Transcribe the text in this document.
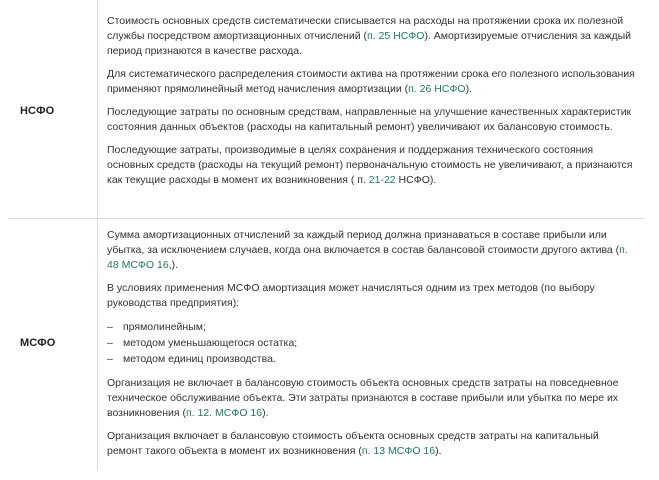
НСФО

Стоимость основных средств систематически списывается на расходы на протяжении срока их полезной службы посредством амортизационных отчислений (п. 25 НСФО). Амортизируемые отчисления за каждый период признаются в качестве расхода.

Для систематического распределения стоимости актива на протяжении срока его полезного использования применяют прямолинейный метод начисления амортизации (п. 26 НСФО).

Последующие затраты по основным средствам, направленные на улучшение качественных характеристик состояния данных объектов (расходы на капитальный ремонт) увеличивают их балансовую стоимость.

Последующие затраты, производимые в целях сохранения и поддержания технического состояния основных средств (расходы на текущий ремонт) первоначальную стоимость не увеличивают, а признаются как текущие расходы в момент их возникновения ( п. 21-22 НСФО).

МСФО

Сумма амортизационных отчислений за каждый период должна признаваться в составе прибыли или убытка, за исключением случаев, когда она включается в состав балансовой стоимости другого актива (п. 48 МСФО 16,).

В условиях применения МСФО амортизация может начисляться одним из трех методов (по выбору руководства предприятия):

– прямолинейным;
– методом уменьшающегося остатка;
– методом единиц производства.

Организация не включает в балансовую стоимость объекта основных средств затраты на повседневное техническое обслуживание объекта. Эти затраты признаются в составе прибыли или убытка по мере их возникновения (п. 12. МСФО 16).

Организация включает в балансовую стоимость объекта основных средств затраты на капитальный ремонт такого объекта в момент их возникновения (п. 13 МСФО 16).
